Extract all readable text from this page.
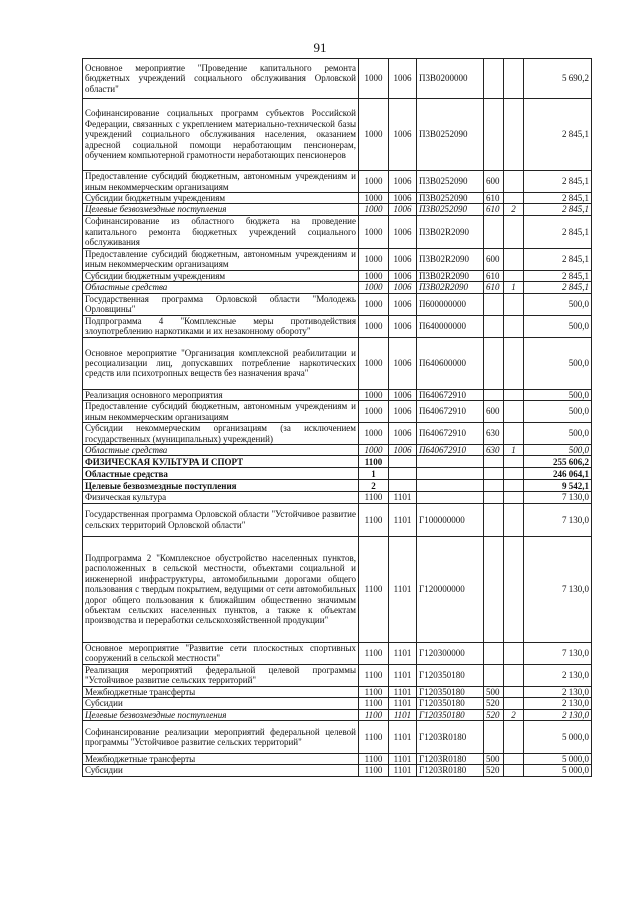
91
Основное мероприятие "Проведение капитального ремонта бюджетных учреждений социального обслуживания Орловской области"	1000	1006	П3В0200000			5 690,2
Софинансирование социальных программ субъектов Российской Федерации, связанных с укреплением материально-технической базы учреждений социального обслуживания населения, оказанием адресной социальной помощи неработающим пенсионерам, обучением компьютерной грамотности неработающих пенсионеров	1000	1006	П3В0252090			2 845,1
Предоставление субсидий бюджетным, автономным учреждениям и иным некоммерческим организациям	1000	1006	П3В0252090	600		2 845,1
Субсидии бюджетным учреждениям	1000	1006	П3В0252090	610		2 845,1
Целевые безвозмездные поступления	1000	1006	П3В0252090	610	2	2 845,1
Софинансирование из областного бюджета на проведение капитального ремонта бюджетных учреждений социального обслуживания	1000	1006	П3В02R2090			2 845,1
Предоставление субсидий бюджетным, автономным учреждениям и иным некоммерческим организациям	1000	1006	П3В02R2090	600		2 845,1
Субсидии бюджетным учреждениям	1000	1006	П3В02R2090	610		2 845,1
Областные средства	1000	1006	П3В02R2090	610	1	2 845,1
Государственная программа Орловской области "Молодежь Орловщины"	1000	1006	П600000000			500,0
Подпрограмма 4 "Комплексные меры противодействия злоупотреблению наркотиками и их незаконному обороту"	1000	1006	П640000000			500,0
Основное мероприятие "Организация комплексной реабилитации и ресоциализации лиц, допускавших потребление наркотических средств или психотропных веществ без назначения врача"	1000	1006	П640600000			500,0
Реализация основного мероприятия	1000	1006	П640672910			500,0
Предоставление субсидий бюджетным, автономным учреждениям и иным некоммерческим организациям	1000	1006	П640672910	600		500,0
Субсидии некоммерческим организациям (за исключением государственных (муниципальных) учреждений)	1000	1006	П640672910	630		500,0
Областные средства	1000	1006	П640672910	630	1	500,0
ФИЗИЧЕСКАЯ КУЛЬТУРА И СПОРТ	1100					255 606,2
Областные средства	1					246 064,1
Целевые безвозмездные поступления	2					9 542,1
Физическая культура	1100	1101				7 130,0
Государственная программа Орловской области "Устойчивое развитие сельских территорий Орловской области"	1100	1101	Г100000000			7 130,0
Подпрограмма 2 "Комплексное обустройство населенных пунктов, расположенных в сельской местности, объектами социальной и инженерной инфраструктуры, автомобильными дорогами общего пользования с твердым покрытием, ведущими от сети автомобильных дорог общего пользования к ближайшим общественно значимым объектам сельских населенных пунктов, а также к объектам производства и переработки сельскохозяйственной продукции"	1100	1101	Г120000000			7 130,0
Основное мероприятие "Развитие сети плоскостных спортивных сооружений в сельской местности"	1100	1101	Г120300000			7 130,0
Реализация мероприятий федеральной целевой программы "Устойчивое развитие сельских территорий"	1100	1101	Г120350180			2 130,0
Межбюджетные трансферты	1100	1101	Г120350180	500		2 130,0
Субсидии	1100	1101	Г120350180	520		2 130,0
Целевые безвозмездные поступления	1100	1101	Г120350180	520	2	2 130,0
Софинансирование реализации мероприятий федеральной целевой программы "Устойчивое развитие сельских территорий"	1100	1101	Г1203R0180			5 000,0
Межбюджетные трансферты	1100	1101	Г1203R0180	500		5 000,0
Субсидии	1100	1101	Г1203R0180	520		5 000,0
